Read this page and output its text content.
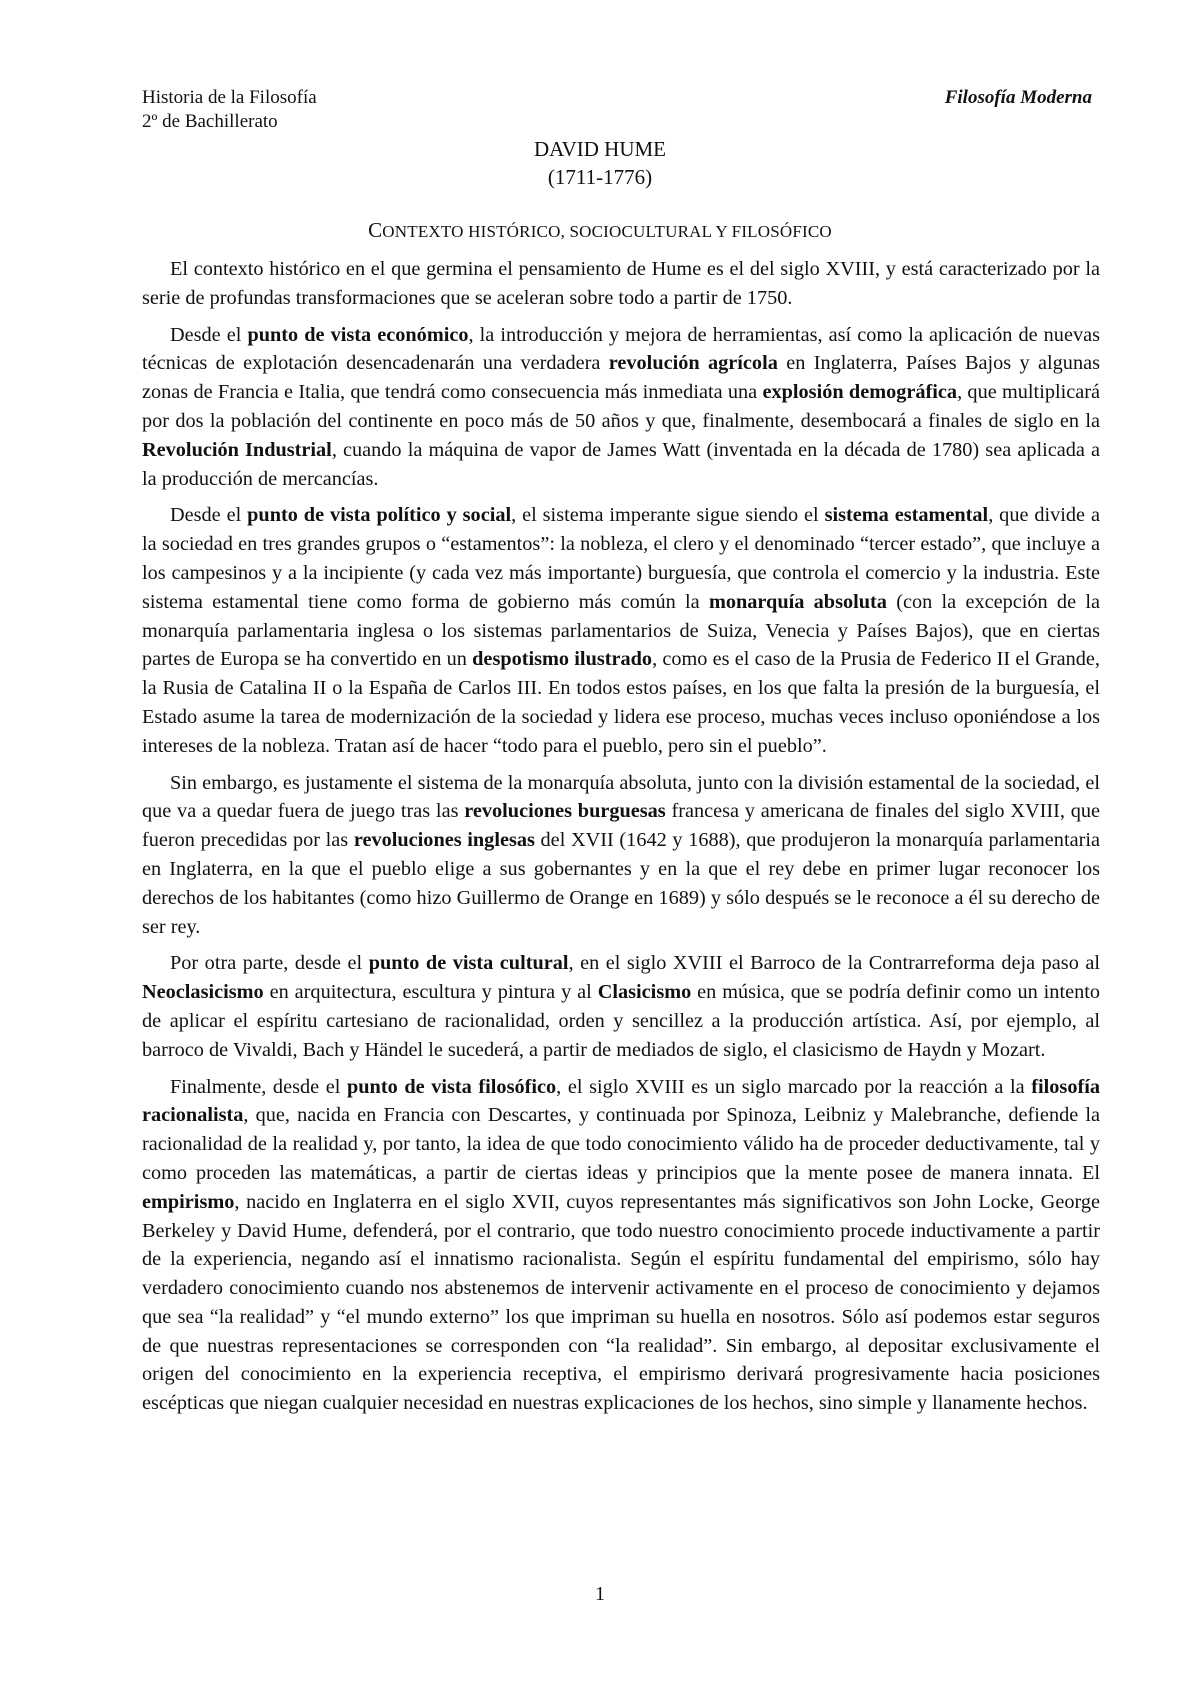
Historia de la Filosofía
2º de Bachillerato
Filosofía Moderna
DAVID HUME
(1711-1776)
CONTEXTO HISTÓRICO, SOCIOCULTURAL Y FILOSÓFICO

El contexto histórico en el que germina el pensamiento de Hume es el del siglo XVIII, y está caracterizado por la serie de profundas transformaciones que se aceleran sobre todo a partir de 1750.

Desde el punto de vista económico, la introducción y mejora de herramientas, así como la aplicación de nuevas técnicas de explotación desencadenarán una verdadera revolución agrícola en Inglaterra, Países Bajos y algunas zonas de Francia e Italia, que tendrá como consecuencia más inmediata una explosión demográfica, que multiplicará por dos la población del continente en poco más de 50 años y que, finalmente, desembocará a finales de siglo en la Revolución Industrial, cuando la máquina de vapor de James Watt (inventada en la década de 1780) sea aplicada a la producción de mercancías.

Desde el punto de vista político y social, el sistema imperante sigue siendo el sistema estamental, que divide a la sociedad en tres grandes grupos o “estamentos”: la nobleza, el clero y el denominado “tercer estado”, que incluye a los campesinos y a la incipiente (y cada vez más importante) burguesía, que controla el comercio y la industria. Este sistema estamental tiene como forma de gobierno más común la monarquía absoluta (con la excepción de la monarquía parlamentaria inglesa o los sistemas parlamentarios de Suiza, Venecia y Países Bajos), que en ciertas partes de Europa se ha convertido en un despotismo ilustrado, como es el caso de la Prusia de Federico II el Grande, la Rusia de Catalina II o la España de Carlos III. En todos estos países, en los que falta la presión de la burguesía, el Estado asume la tarea de modernización de la sociedad y lidera ese proceso, muchas veces incluso oponiéndose a los intereses de la nobleza. Tratan así de hacer “todo para el pueblo, pero sin el pueblo”.

Sin embargo, es justamente el sistema de la monarquía absoluta, junto con la división estamental de la sociedad, el que va a quedar fuera de juego tras las revoluciones burguesas francesa y americana de finales del siglo XVIII, que fueron precedidas por las revoluciones inglesas del XVII (1642 y 1688), que produjeron la monarquía parlamentaria en Inglaterra, en la que el pueblo elige a sus gobernantes y en la que el rey debe en primer lugar reconocer los derechos de los habitantes (como hizo Guillermo de Orange en 1689) y sólo después se le reconoce a él su derecho de ser rey.

Por otra parte, desde el punto de vista cultural, en el siglo XVIII el Barroco de la Contrarreforma deja paso al Neoclasicismo en arquitectura, escultura y pintura y al Clasicismo en música, que se podría definir como un intento de aplicar el espíritu cartesiano de racionalidad, orden y sencillez a la producción artística. Así, por ejemplo, al barroco de Vivaldi, Bach y Händel le sucederá, a partir de mediados de siglo, el clasicismo de Haydn y Mozart.

Finalmente, desde el punto de vista filosófico, el siglo XVIII es un siglo marcado por la reacción a la filosofía racionalista, que, nacida en Francia con Descartes, y continuada por Spinoza, Leibniz y Malebranche, defiende la racionalidad de la realidad y, por tanto, la idea de que todo conocimiento válido ha de proceder deductivamente, tal y como proceden las matemáticas, a partir de ciertas ideas y principios que la mente posee de manera innata. El empirismo, nacido en Inglaterra en el siglo XVII, cuyos representantes más significativos son John Locke, George Berkeley y David Hume, defenderá, por el contrario, que todo nuestro conocimiento procede inductivamente a partir de la experiencia, negando así el innatismo racionalista. Según el espíritu fundamental del empirismo, sólo hay verdadero conocimiento cuando nos abstenemos de intervenir activamente en el proceso de conocimiento y dejamos que sea “la realidad” y “el mundo externo” los que impriman su huella en nosotros. Sólo así podemos estar seguros de que nuestras representaciones se corresponden con “la realidad”. Sin embargo, al depositar exclusivamente el origen del conocimiento en la experiencia receptiva, el empirismo derivará progresivamente hacia posiciones escépticas que niegan cualquier necesidad en nuestras explicaciones de los hechos, sino simple y llanamente hechos.

1
